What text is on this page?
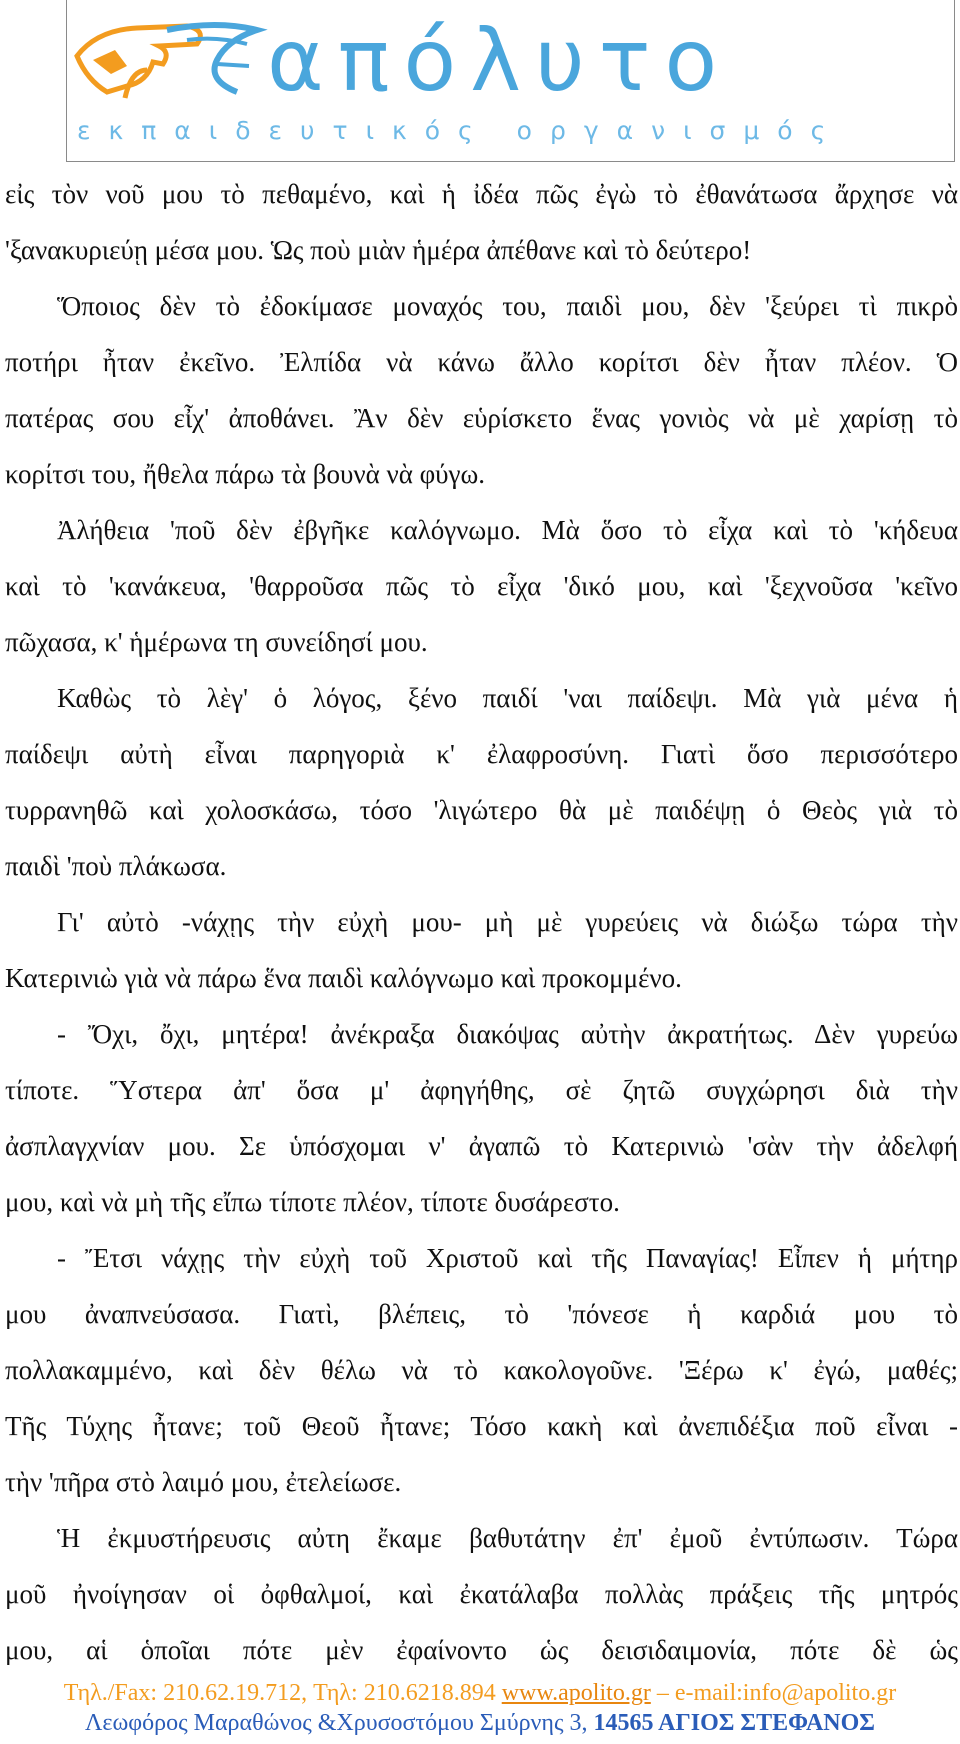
απόλυτο
εκπαιδευτικός οργανισμός
εἰς τὸν νοῦ μου τὸ πεθαμένο, καὶ ἡ ἰδέα πῶς ἐγὼ τὸ ἐθανάτωσα ἄρχησε νὰ
'ξανακυριεύῃ μέσα μου. Ὡς ποὺ μιὰν ἡμέρα ἀπέθανε καὶ τὸ δεύτερο!
Ὅποιος δὲν τὸ ἐδοκίμασε μοναχός του, παιδὶ μου, δὲν 'ξεύρει τὶ πικρὸ
ποτήρι ἦταν ἐκεῖνο. Ἐλπίδα νὰ κάνω ἄλλο κορίτσι δὲν ἦταν πλέον. Ὁ
πατέρας σου εἶχ' ἀποθάνει. Ἂν δὲν εὑρίσκετο ἕνας γονιὸς νὰ μὲ χαρίσῃ τὸ
κορίτσι του, ἤθελα πάρω τὰ βουνὰ νὰ φύγω.
Ἀλήθεια 'ποῦ δὲν ἐβγῆκε καλόγνωμο. Μὰ ὅσο τὸ εἶχα καὶ τὸ 'κήδευα
καὶ τὸ 'κανάκευα, 'θαρροῦσα πῶς τὸ εἶχα 'δικό μου, καὶ 'ξεχνοῦσα 'κεῖνο
πῶχασα, κ' ἡμέρωνα τη συνείδησί μου.
Καθὼς τὸ λὲγ' ὁ λόγος, ξένο παιδί 'ναι παίδεψι. Μὰ γιὰ μένα ἡ
παίδεψι αὐτὴ εἶναι παρηγοριὰ κ' ἐλαφροσύνη. Γιατὶ ὅσο περισσότερο
τυρρανηθῶ καὶ χολοσκάσω, τόσο 'λιγώτερο θὰ μὲ παιδέψῃ ὁ Θεὸς γιὰ τὸ
παιδὶ 'ποὺ πλάκωσα.
Γι' αὐτὸ -νάχῃς τὴν εὐχὴ μου- μὴ μὲ γυρεύεις νὰ διώξω τώρα τὴν
Κατερινιὼ γιὰ νὰ πάρω ἕνα παιδὶ καλόγνωμο καὶ προκομμένο.
- Ὄχι, ὄχι, μητέρα! ἀνέκραξα διακόψας αὐτὴν ἀκρατήτως. Δὲν γυρεύω
τίποτε. Ὕστερα ἀπ' ὅσα μ' ἀφηγήθης, σὲ ζητῶ συγχώρησι διὰ τὴν
ἀσπλαγχνίαν μου. Σε ὑπόσχομαι ν' ἀγαπῶ τὸ Κατερινιὼ 'σὰν τὴν ἀδελφή
μου, καὶ νὰ μὴ τῆς εἴπω τίποτε πλέον, τίποτε δυσάρεστο.
- Ἔτσι νάχῃς τὴν εὐχὴ τοῦ Χριστοῦ καὶ τῆς Παναγίας! Εἶπεν ἡ μήτηρ
μου ἀναπνεύσασα. Γιατὶ, βλέπεις, τὸ 'πόνεσε ἡ καρδιά μου τὸ
πολλακαμμένο, καὶ δὲν θέλω νὰ τὸ κακολογοῦνε. 'Ξέρω κ' ἐγώ, μαθές;
Τῆς Τύχης ἦτανε; τοῦ Θεοῦ ἦτανε; Τόσο κακὴ καὶ ἀνεπιδέξια ποῦ εἶναι -
τὴν 'πῆρα στὸ λαιμό μου, ἐτελείωσε.
Ἡ ἐκμυστήρευσις αὐτη ἔκαμε βαθυτάτην ἐπ' ἐμοῦ ἐντύπωσιν. Τώρα
μοῦ ἠνοίγησαν οἱ ὀφθαλμοί, καὶ ἐκατάλαβα πολλὰς πράξεις τῆς μητρός
μου, αἱ ὁποῖαι πότε μὲν ἐφαίνοντο ὡς δεισιδαιμονία, πότε δὲ ὡς
Τηλ./Fax: 210.62.19.712, Τηλ: 210.6218.894 www.apolito.gr – e-mail:info@apolito.gr
Λεωφόρος Μαραθώνος &Χρυσοστόμου Σμύρνης 3, 14565 ΑΓΙΟΣ ΣΤΕΦΑΝΟΣ
